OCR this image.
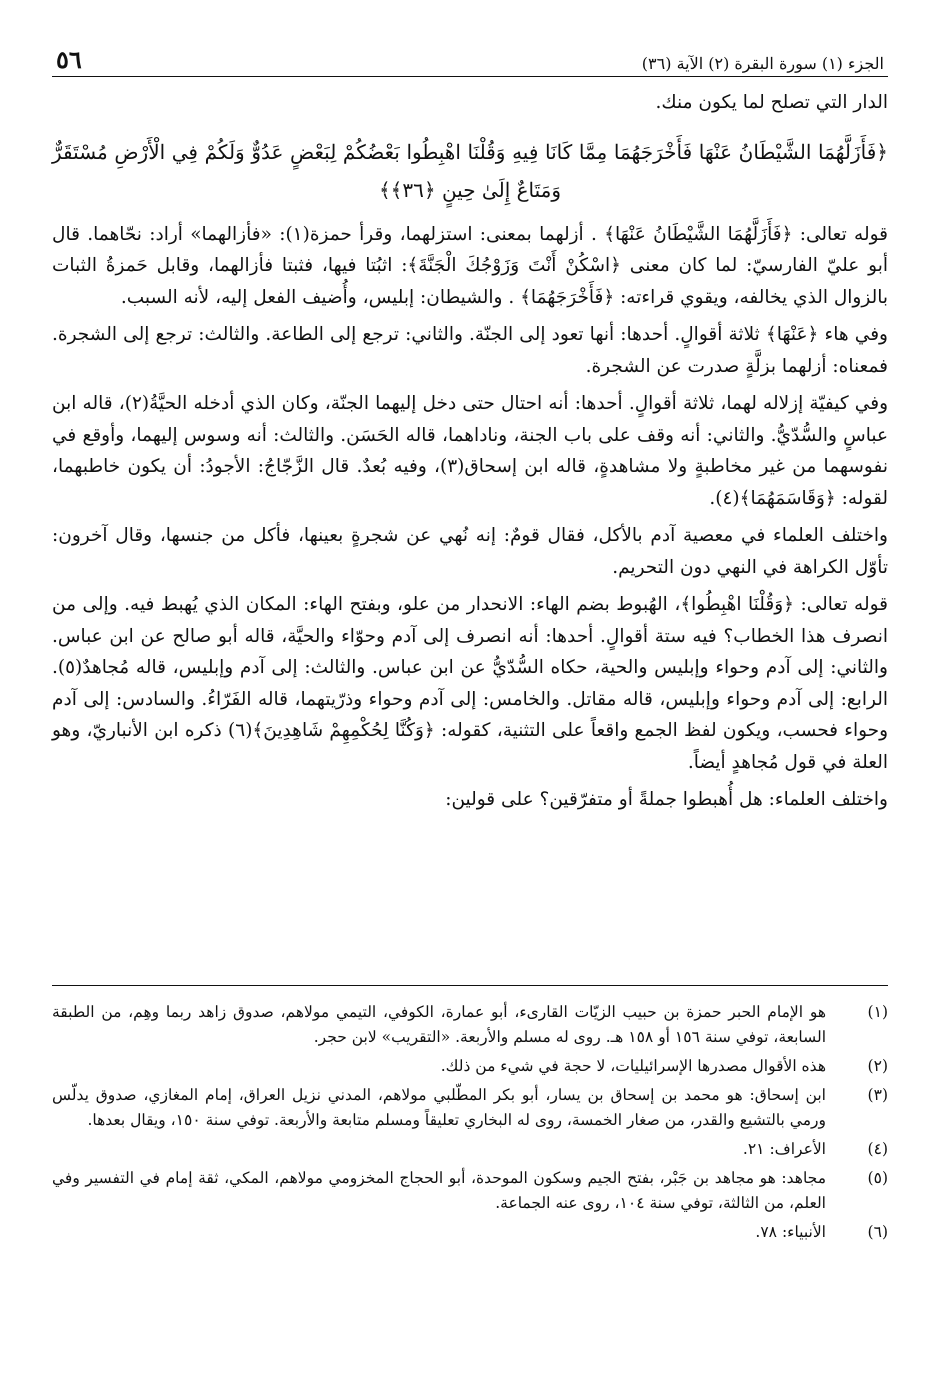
الجزء (١) سورة البقرة (٢) الآية (٣٦)
٥٦

الدار التي تصلح لما يكون منك.

﴿فَأَزَلَّهُمَا الشَّيْطَانُ عَنْهَا فَأَخْرَجَهُمَا مِمَّا كَانَا فِيهِ وَقُلْنَا اهْبِطُوا بَعْضُكُمْ لِبَعْضٍ عَدُوٌّ وَلَكُمْ فِي الْأَرْضِ مُسْتَقَرٌّ وَمَتَاعٌ إِلَىٰ حِينٍ ﴿٣٦﴾﴾

قوله تعالى: ﴿فَأَزَلَّهُمَا الشَّيْطَانُ عَنْهَا﴾ . أزلهما بمعنى: استزلهما، وقرأ حمزة(١): «فأزالهما» أراد: نحّاهما. قال أبو عليّ الفارسيّ: لما كان معنى ﴿اسْكُنْ أَنْتَ وَزَوْجُكَ الْجَنَّةَ﴾: اثبُتا فيها، فثبتا فأزالهما، وقابل حَمزةُ الثبات بالزوال الذي يخالفه، ويقوي قراءته: ﴿فَأَخْرَجَهُمَا﴾ . والشيطان: إبليس، وأُضيف الفعل إليه، لأنه السبب.

وفي هاء ﴿عَنْهَا﴾ ثلاثة أقوالٍ. أحدها: أنها تعود إلى الجنّة. والثاني: ترجع إلى الطاعة. والثالث: ترجع إلى الشجرة. فمعناه: أزلهما بزلَّةٍ صدرت عن الشجرة.

وفي كيفيّة إزلاله لهما، ثلاثة أقوالٍ. أحدها: أنه احتال حتى دخل إليهما الجنّة، وكان الذي أدخله الحيَّةُ(٢)، قاله ابن عباسٍ والسُّدّيُّ. والثاني: أنه وقف على باب الجنة، وناداهما، قاله الحَسَن. والثالث: أنه وسوس إليهما، وأوقع في نفوسهما من غير مخاطبةٍ ولا مشاهدةٍ، قاله ابن إسحاق(٣)، وفيه بُعدٌ. قال الزَّجّاجُ: الأجودُ: أن يكون خاطبهما، لقوله: ﴿وَقَاسَمَهُمَا﴾(٤).

واختلف العلماء في معصية آدم بالأكل، فقال قومٌ: إنه نُهي عن شجرةٍ بعينها، فأكل من جنسها، وقال آخرون: تأوّل الكراهة في النهي دون التحريم.

قوله تعالى: ﴿وَقُلْنَا اهْبِطُوا﴾، الهُبوط بضم الهاء: الانحدار من علو، وبفتح الهاء: المكان الذي يُهبط فيه. وإلى من انصرف هذا الخطاب؟ فيه ستة أقوالٍ. أحدها: أنه انصرف إلى آدم وحوّاء والحيَّة، قاله أبو صالح عن ابن عباس. والثاني: إلى آدم وحواء وإبليس والحية، حكاه السُّدّيُّ عن ابن عباس. والثالث: إلى آدم وإبليس، قاله مُجاهدٌ(٥). الرابع: إلى آدم وحواء وإبليس، قاله مقاتل. والخامس: إلى آدم وحواء وذرّيتهما، قاله الفَرّاءُ. والسادس: إلى آدم وحواء فحسب، ويكون لفظ الجمع واقعاً على التثنية، كقوله: ﴿وَكُنَّا لِحُكْمِهِمْ شَاهِدِينَ﴾(٦) ذكره ابن الأنباريّ، وهو العلة في قول مُجاهدٍ أيضاً.

واختلف العلماء: هل أُهبطوا جملةً أو متفرّقين؟ على قولين:

(١)
هو الإمام الحبر حمزة بن حبيب الزيّات القارىء، أبو عمارة، الكوفي، التيمي مولاهم، صدوق زاهد ربما وهِم، من الطبقة السابعة، توفي سنة ١٥٦ أو ١٥٨ هـ. روى له مسلم والأربعة. «التقريب» لابن حجر.
(٢)
هذه الأقوال مصدرها الإسرائيليات، لا حجة في شيء من ذلك.
(٣)
ابن إسحاق: هو محمد بن إسحاق بن يسار، أبو بكر المطّلبي مولاهم، المدني نزيل العراق، إمام المغازي، صدوق يدلّس ورمي بالتشيع والقدر، من صغار الخمسة، روى له البخاري تعليقاً ومسلم متابعة والأربعة. توفي سنة ١٥٠، ويقال بعدها.
(٤)
الأعراف: ٢١.
(٥)
مجاهد: هو مجاهد بن جَبْر، بفتح الجيم وسكون الموحدة، أبو الحجاج المخزومي مولاهم، المكي، ثقة إمام في التفسير وفي العلم، من الثالثة، توفي سنة ١٠٤، روى عنه الجماعة.
(٦)
الأنبياء: ٧٨.
